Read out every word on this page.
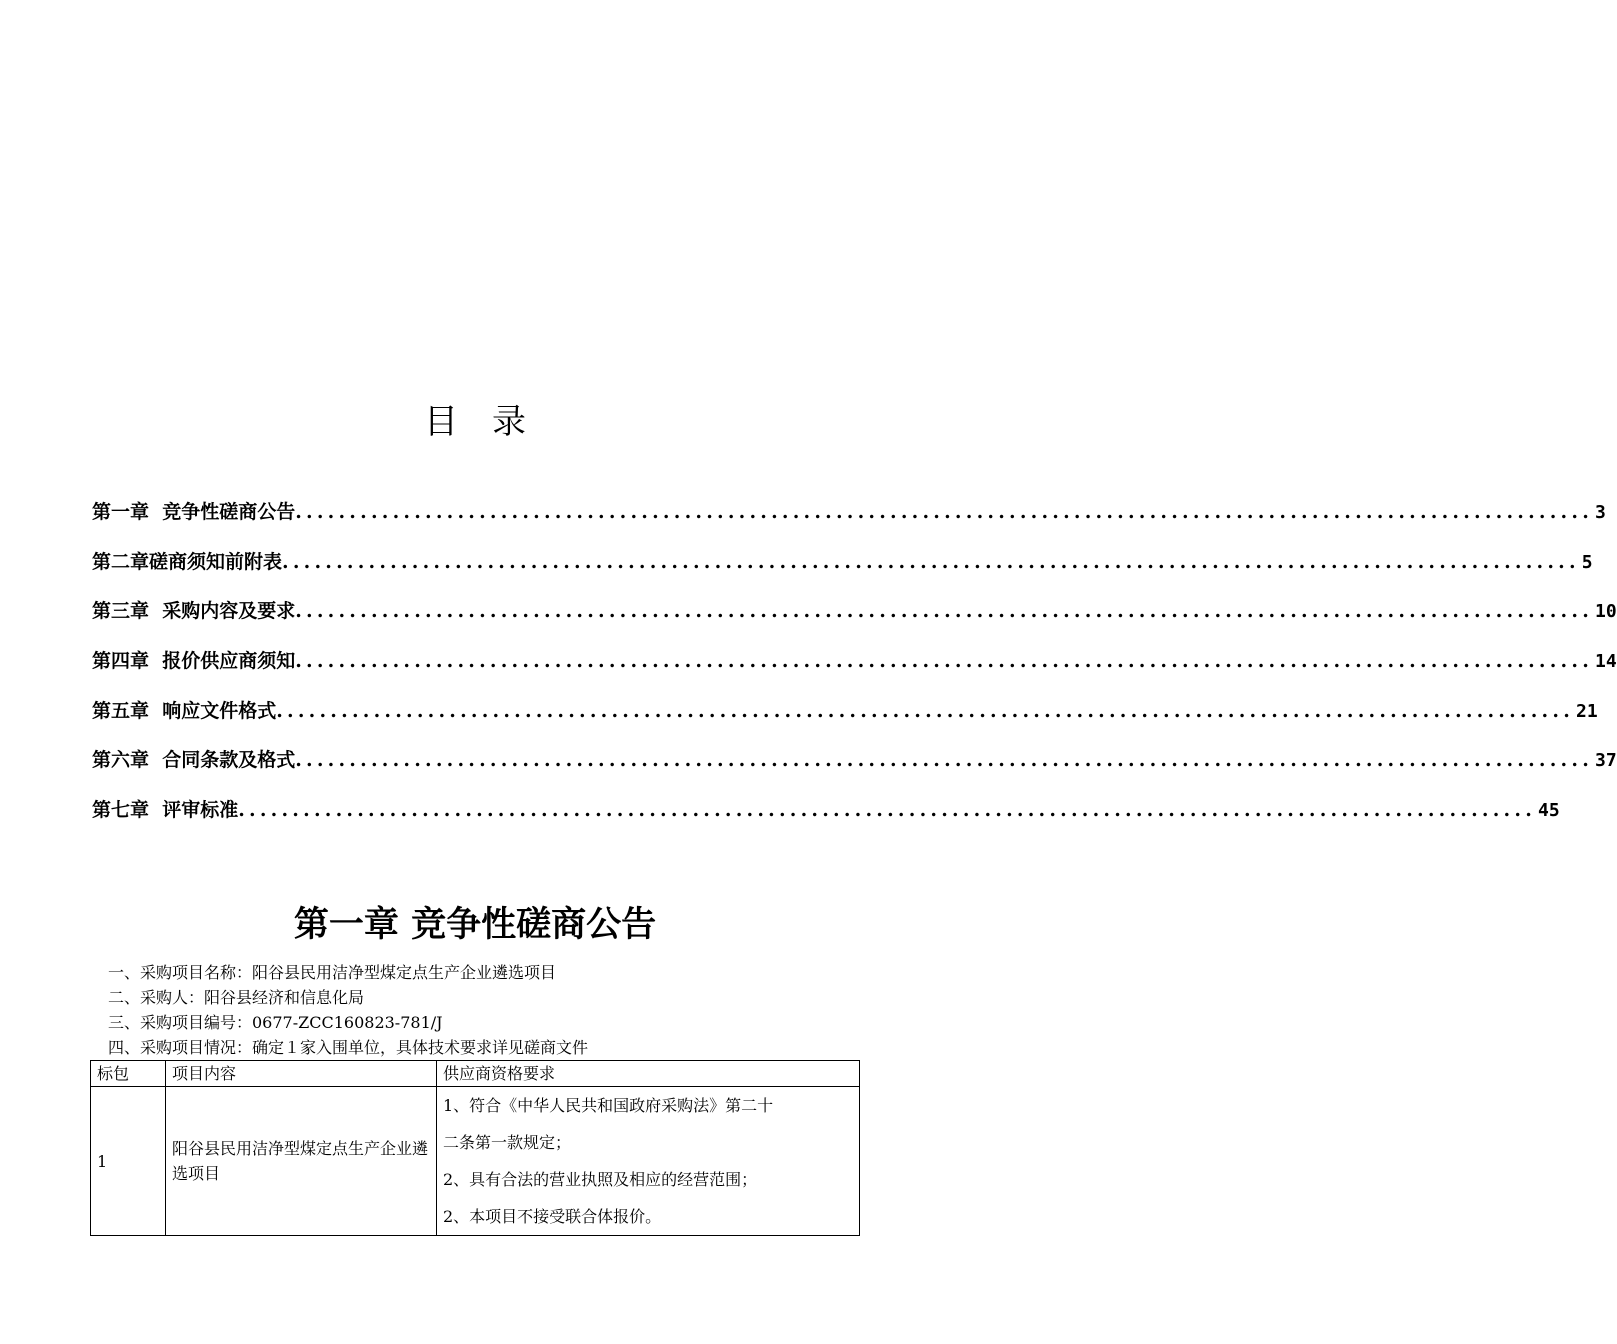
目录
第一章  竞争性磋商公告 ........................................................................................................................ 3
第二章磋商须知前附表 ........................................................................................................................ 5
第三章  采购内容及要求 ........................................................................................................................ 10
第四章  报价供应商须知 ........................................................................................................................ 14
第五章  响应文件格式 ........................................................................................................................ 21
第六章  合同条款及格式 ........................................................................................................................ 37
第七章  评审标准 ........................................................................................................................ 45
第一章 竞争性磋商公告
一、采购项目名称：阳谷县民用洁净型煤定点生产企业遴选项目
二、采购人：阳谷县经济和信息化局
三、采购项目编号：0677-ZCC160823-781/J
四、采购项目情况：确定１家入围单位，具体技术要求详见磋商文件
标包	项目内容	供应商资格要求
1	阳谷县民用洁净型煤定点生产企业遴选项目	1、符合《中华人民共和国政府采购法》第二十
二条第一款规定；
2、具有合法的营业执照及相应的经营范围；
2、本项目不接受联合体报价。
